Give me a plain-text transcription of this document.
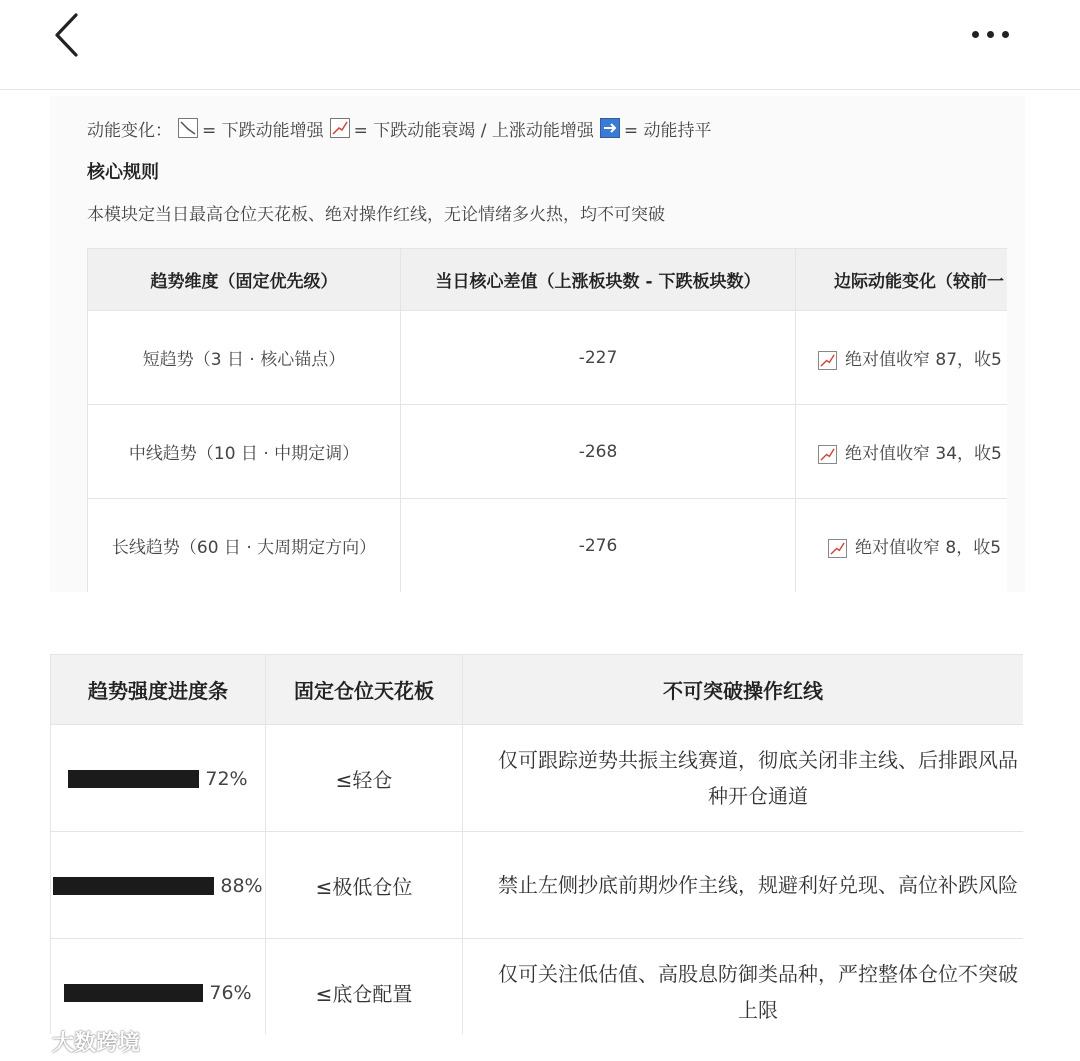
动能变化： = 下跌动能增强 = 下跌动能衰竭 / 上涨动能增强 = 动能持平
核心规则
本模块定当日最高仓位天花板、绝对操作红线，无论情绪多火热，均不可突破
趋势维度（固定优先级）	当日核心差值（上涨板块数 - 下跌板块数）	边际动能变化（较前一
短趋势（3 日 · 核心锚点）	-227	绝对值收窄 87，收5
中线趋势（10 日 · 中期定调）	-268	绝对值收窄 34，收5
长线趋势（60 日 · 大周期定方向）	-276	绝对值收窄 8，收5
趋势强度进度条	固定仓位天花板	不可突破操作红线

72%	≤轻仓	仅可跟踪逆势共振主线赛道，彻底关闭非主线、后排跟风品种开仓通道

88%	≤极低仓位	禁止左侧抄底前期炒作主线，规避利好兑现、高位补跌风险

76%	≤底仓配置	仅可关注低估值、高股息防御类品种，严控整体仓位不突破上限
大数跨境
